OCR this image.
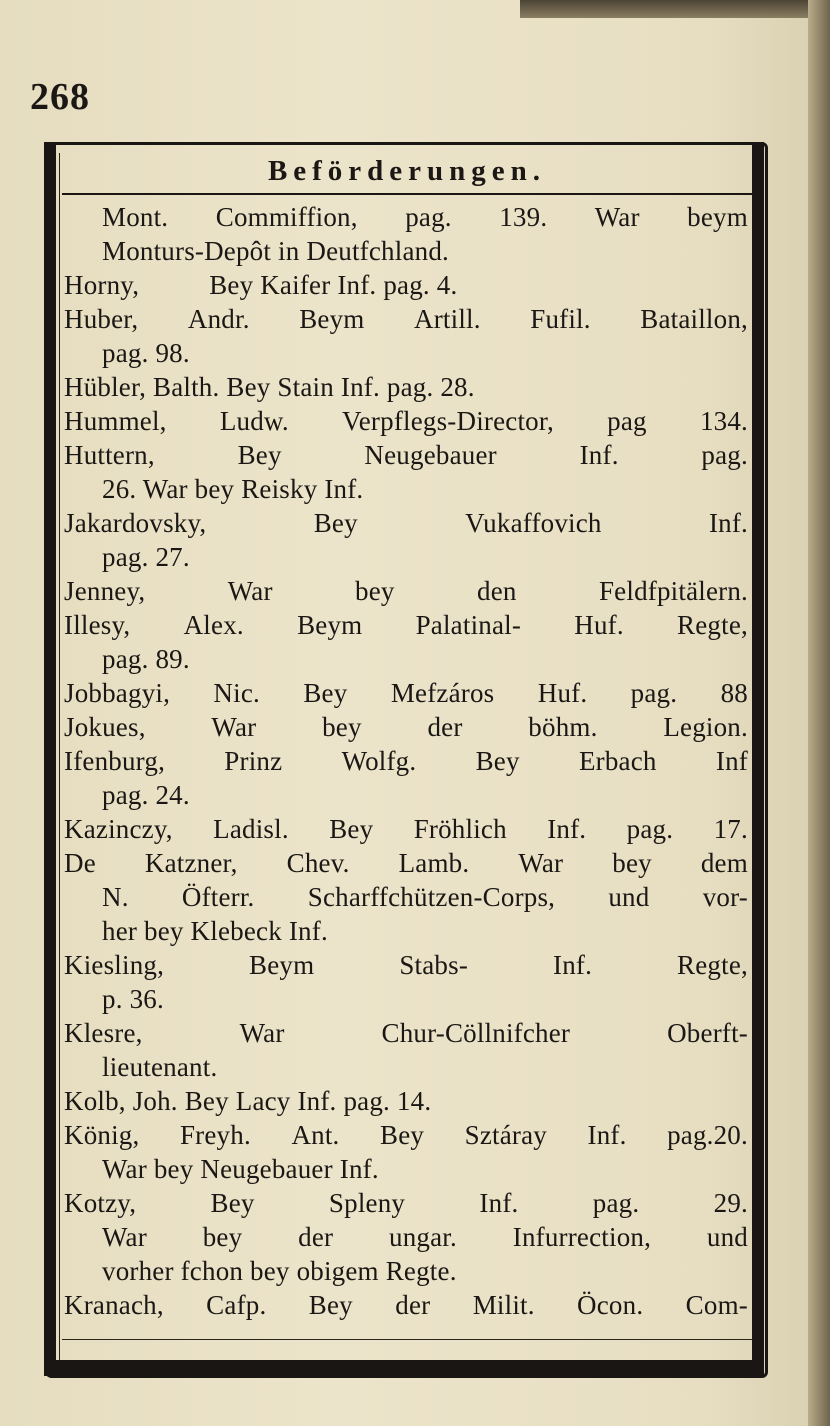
268
Beförderungen.
Mont. Commiffion, pag. 139. War beym
Monturs-Depôt in Deutfchland.
Horny,	Bey Kaifer Inf. pag. 4.
Huber, Andr. Beym Artill. Fufil. Bataillon,
pag. 98.
Hübler, Balth. Bey Stain Inf. pag. 28.
Hummel, Ludw. Verpflegs-Director, pag 134.
Huttern,	Bey	Neugebauer	Inf.	pag.
26. War bey Reisky Inf.
Jakardovsky,	Bey	Vukaffovich	Inf.
pag. 27.
Jenney,	War	bey	den	Feldfpitälern.
Illesy, Alex. Beym Palatinal- Huf. Regte,
pag. 89.
Jobbagyi, Nic. Bey Mefzáros Huf. pag. 88
Jokues, War bey der böhm. Legion.
Ifenburg, Prinz Wolfg. Bey Erbach Inf
pag. 24.
Kazinczy, Ladisl. Bey Fröhlich Inf. pag. 17.
De Katzner, Chev. Lamb. War bey dem
N. Öfterr. Scharffchützen-Corps, und vor-
her bey Klebeck Inf.
Kiesling,	Beym	Stabs-	Inf.	Regte,
p. 36.
Klesre,	War	Chur-Cöllnifcher	Oberft-
lieutenant.
Kolb, Joh. Bey Lacy Inf. pag. 14.
König, Freyh. Ant. Bey Sztáray Inf. pag.20.
War bey Neugebauer Inf.
Kotzy,	Bey	Spleny	Inf.	pag.	29.
War bey der ungar. Infurrection, und
vorher fchon bey obigem Regte.
Kranach, Cafp. Bey der Milit. Öcon. Com-
